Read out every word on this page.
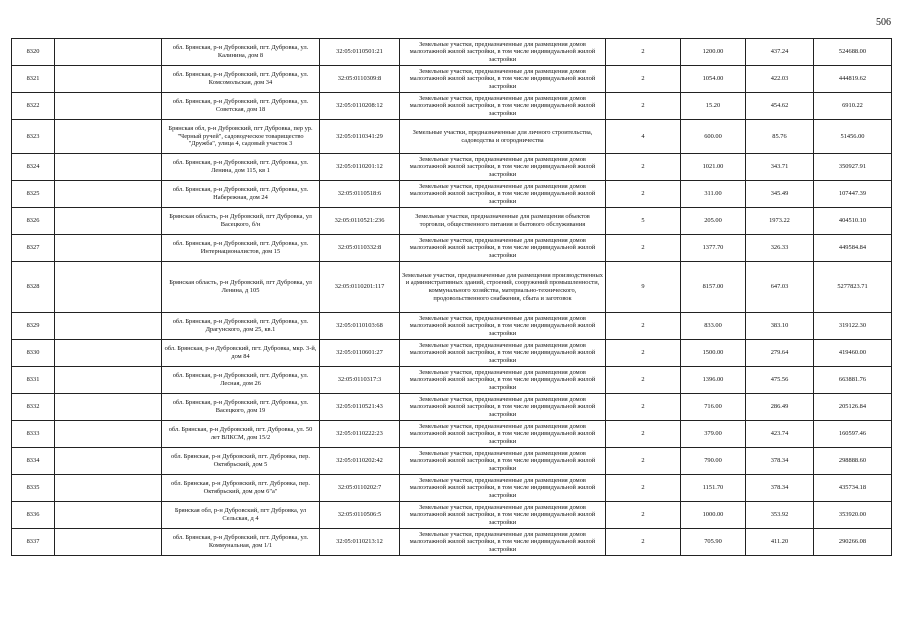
506
8320		обл. Брянская, р-н Дубровский, пгт. Дубровка, ул. Калинина, дом 8	32:05:0110501:21	Земельные участки, предназначенные для размещения домов малоэтажной жилой застройки, в том числе индивидуальной жилой застройки	2	1200.00	437.24	524688.00
8321		обл. Брянская, р-н Дубровский, пгт. Дубровка, ул. Комсомольская, дом 34	32:05:0110309:8	Земельные участки, предназначенные для размещения домов малоэтажной жилой застройки, в том числе индивидуальной жилой застройки	2	1054.00	422.03	444819.62
8322		обл. Брянская, р-н Дубровский, пгт. Дубровка, ул. Советская, дом 18	32:05:0110208:12	Земельные участки, предназначенные для размещения домов малоэтажной жилой застройки, в том числе индивидуальной жилой застройки	2	15.20	454.62	6910.22
8323		Брянская обл, р-н Дубровский, пгт Дубровка, пер ур. "Черный ручей", садоводческое товарищество "Дружба", улица 4, садовый участок 3	32:05:0110341:29	Земельные участки, предназначенные для личного строительства, садоводства и огородничества	4	600.00	85.76	51456.00
8324		обл. Брянская, р-н Дубровский, пгт. Дубровка, ул. Ленина, дом 115, кв 1	32:05:0110201:12	Земельные участки, предназначенные для размещения домов малоэтажной жилой застройки, в том числе индивидуальной жилой застройки	2	1021.00	343.71	350927.91
8325		обл. Брянская, р-н Дубровский, пгт. Дубровка, ул. Набережная, дом 24	32:05:0110518:6	Земельные участки, предназначенные для размещения домов малоэтажной жилой застройки, в том числе индивидуальной жилой застройки	2	311.00	345.49	107447.39
8326		Брянская область, р-н Дубровский, пгт Дубровка, ул Васецкого, б/н	32:05:0110521:236	Земельные участки, предназначенные для размещения объектов торговли, общественного питания и бытового обслуживания	5	205.00	1973.22	404510.10
8327		обл. Брянская, р-н Дубровский, пгт. Дубровка, ул. Интернационалистов, дом 15	32:05:0110332:8	Земельные участки, предназначенные для размещения домов малоэтажной жилой застройки, в том числе индивидуальной жилой застройки	2	1377.70	326.33	449584.84
8328		Брянская область, р-н Дубровский, пгт Дубровка, ул Ленина, д 105	32:05:0110201:117	Земельные участки, предназначенные для размещения производственных и административных зданий, строений, сооружений промышленности, коммунального хозяйства, материально-технического, продовольственного снабжения, сбыта и заготовок	9	8157.00	647.03	5277823.71
8329		обл. Брянская, р-н Дубровский, пгт. Дубровка, ул. Драгунского, дом 25, кв.1	32:05:0110103:68	Земельные участки, предназначенные для размещения домов малоэтажной жилой застройки, в том числе индивидуальной жилой застройки	2	833.00	383.10	319122.30
8330		обл. Брянская, р-н Дубровский, пгт. Дубровка, мкр. 3-й, дом 84	32:05:0110601:27	Земельные участки, предназначенные для размещения домов малоэтажной жилой застройки, в том числе индивидуальной жилой застройки	2	1500.00	279.64	419460.00
8331		обл. Брянская, р-н Дубровский, пгт. Дубровка, ул. Лесная, дом 26	32:05:0110317:3	Земельные участки, предназначенные для размещения домов малоэтажной жилой застройки, в том числе индивидуальной жилой застройки	2	1396.00	475.56	663881.76
8332		обл. Брянская, р-н Дубровский, пгт. Дубровка, ул. Васецкого, дом 19	32:05:0110521:43	Земельные участки, предназначенные для размещения домов малоэтажной жилой застройки, в том числе индивидуальной жилой застройки	2	716.00	286.49	205126.84
8333		обл. Брянская, р-н Дубровский, пгт. Дубровка, ул. 50 лет ВЛКСМ, дом 15/2	32:05:0110222:23	Земельные участки, предназначенные для размещения домов малоэтажной жилой застройки, в том числе индивидуальной жилой застройки	2	379.00	423.74	160597.46
8334		обл. Брянская, р-н Дубровский, пгт. Дубровка, пер. Октябрьский, дом 5	32:05:0110202:42	Земельные участки, предназначенные для размещения домов малоэтажной жилой застройки, в том числе индивидуальной жилой застройки	2	790.00	378.34	298888.60
8335		обл. Брянская, р-н Дубровский, пгт. Дубровка, пер. Октябрьский, дом дом 6"а"	32:05:0110202:7	Земельные участки, предназначенные для размещения домов малоэтажной жилой застройки, в том числе индивидуальной жилой застройки	2	1151.70	378.34	435734.18
8336		Брянская обл, р-н Дубровский, пгт Дубровка, ул Сельская, д 4	32:05:0110506:5	Земельные участки, предназначенные для размещения домов малоэтажной жилой застройки, в том числе индивидуальной жилой застройки	2	1000.00	353.92	353920.00
8337		обл. Брянская, р-н Дубровский, пгт. Дубровка, ул. Коммунальная, дом 1/1	32:05:0110213:12	Земельные участки, предназначенные для размещения домов малоэтажной жилой застройки, в том числе индивидуальной жилой застройки	2	705.90	411.20	290266.08
